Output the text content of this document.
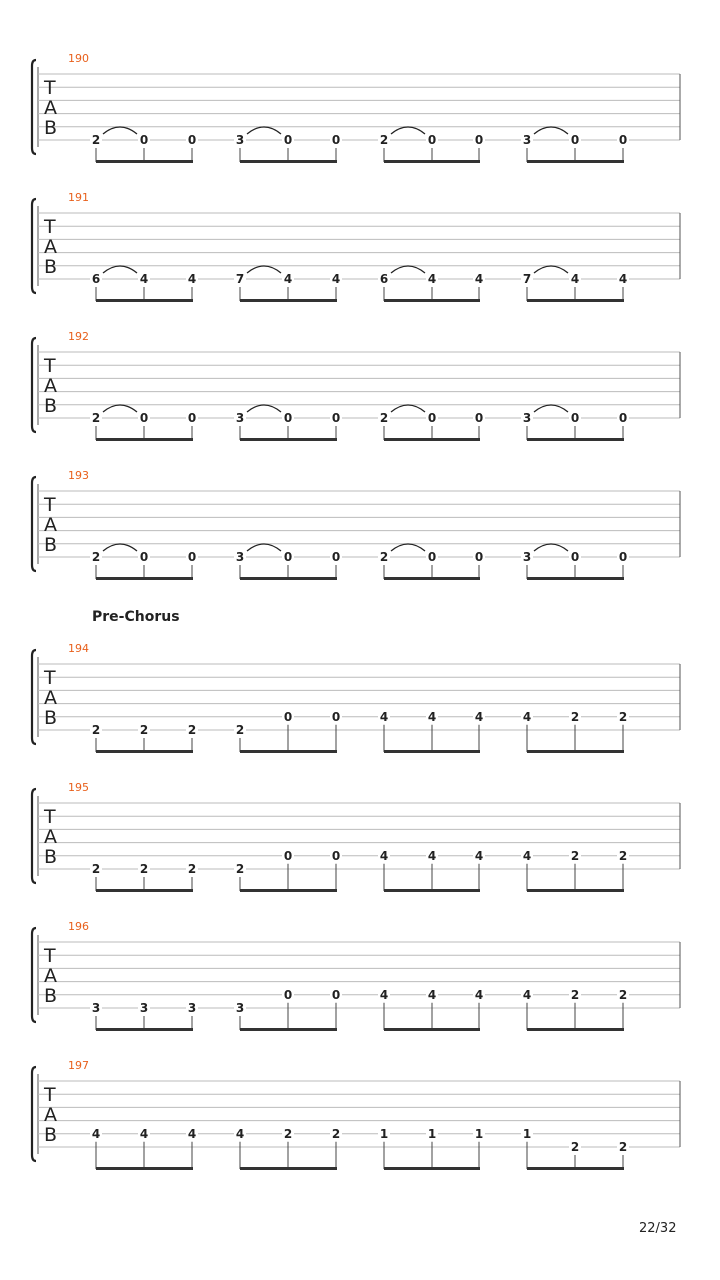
T
A
B
190
2	0	0	3	0	0	2	0	0	3	0	0
T
A
B
191
6	4	4	7	4	4	6	4	4	7	4	4
T
A
B
192
2	0	0	3	0	0	2	0	0	3	0	0
T
A
B
193
2	0	0	3	0	0	2	0	0	3	0	0
T
A
B
194
2	2	2	2
0	0	4	4	4	4	2	2
T
A
B
195
2	2	2	2
0	0	4	4	4	4	2	2
T
A
B
196
3	3	3	3
0	0	4	4	4	4	2	2
T
A
B
197
4	4	4	4	2	2	1	1	1	1
2	2
Pre-Chorus
22/32
